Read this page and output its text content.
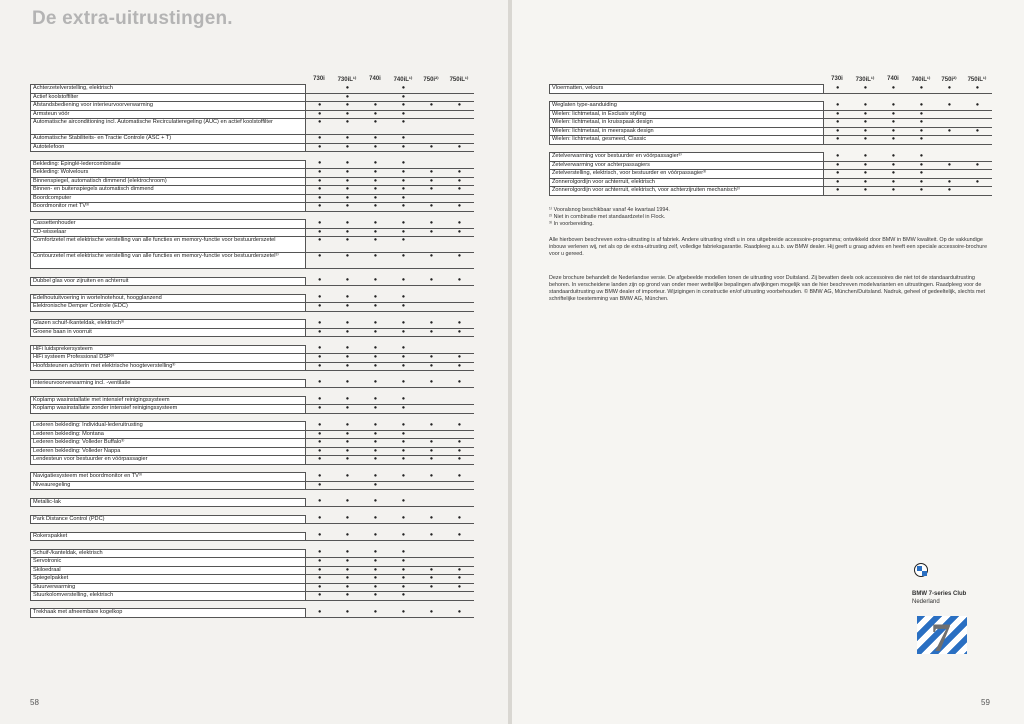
De extra-uitrustingen.
730i 730iL¹⁾ 740i 740iL¹⁾ 750i²⁾ 750iL¹⁾
Achterzetelverstelling, elektrisch		●		●		
Actief koolstoffilter		●		●		
Afstandsbediening voor interieurvoorverwarming	●	●	●	●	●	●
Armsteun vóór	●	●	●	●		
Automatische airconditioning incl. Automatische Recirculatieregeling (AUC) en actief koolstoffilter	●	●	●	●		
Automatische Stabiliteits- en Tractie Controle (ASC + T)	●	●	●	●		
Autotelefoon	●	●	●	●	●	●

Bekleding: Epinglé-ledercombinatie	●	●	●	●		
Bekleding: Wolvelours	●	●	●	●	●	●
Binnenspiegel, automatisch dimmend (elektrochroom)	●	●	●	●	●	●
Binnen- en buitenspiegels automatisch dimmend	●	●	●	●	●	●
Boordcomputer	●	●	●	●		
Boordmonitor met TV³⁾	●	●	●	●	●	●

Cassettenhouder	●	●	●	●	●	●
CD-wisselaar	●	●	●	●	●	●
Comfortzetel met elektrische verstelling van alle functies en memory-functie voor bestuurderszetel	●	●	●	●		
Contourzetel met elektrische verstelling van alle functies en memory-functie voor bestuurderszetel³⁾	●	●	●	●	●	●

Dubbel glas voor zijruiten en achterruit	●	●	●	●	●	●

Edelhoutuitvoering in wortelnotehout, hoogglanzend	●	●	●	●		
Elektronische Demper Controle (EDC)	●	●	●	●		

Glazen schuif-/kanteldak, elektrisch³⁾	●	●	●	●	●	●
Groene baan in voorruit	●	●	●	●	●	●

HiFi luidsprekersysteem	●	●	●	●		
HiFi systeem Professional DSP³⁾	●	●	●	●	●	●
Hoofdsteunen achterin met elektrische hoogteverstelling³⁾	●	●	●	●	●	●

Interieurvoorverwarming incl. -ventilatie	●	●	●	●	●	●

Koplamp wasinstallatie met intensief reinigingssysteem	●	●	●	●		
Koplamp wasinstallatie zonder intensief reinigingssysteem	●	●	●	●		

Lederen bekleding: Individual-lederuitrusting	●	●	●	●	●	●
Lederen bekleding: Montana	●	●	●	●		
Lederen bekleding: Volleder Buffalo³⁾	●	●	●	●	●	●
Lederen bekleding: Volleder Nappa	●	●	●	●	●	●
Lendesteun voor bestuurder en vóórpassagier	●	●	●	●	●	●

Navigatiesysteem met boordmonitor en TV³⁾	●	●	●	●	●	●
Niveauregeling	●		●			

Metallic-lak	●	●	●	●		

Park Distance Control (PDC)	●	●	●	●	●	●

Rokerspakket	●	●	●	●	●	●

Schuif-/kanteldak, elektrisch	●	●	●	●		
Servotronic	●	●	●	●		
Skiloedraal	●	●	●	●	●	●
Spiegelpakket	●	●	●	●	●	●
Stuurverwarming	●	●	●	●	●	●
Stuurkolomverstelling, elektrisch	●	●	●	●		

Trekhaak met afneembare kogelkop	●	●	●	●	●	●
58
730i 730iL¹⁾ 740i 740iL¹⁾ 750i²⁾ 750iL¹⁾
Vloermatten, velours	●	●	●	●	●	●

Weglaten type-aanduiding	●	●	●	●	●	●
Wielen: lichtmetaal, in Exclusiv styling	●	●	●	●		
Wielen: lichtmetaal, in kruisspaak design	●	●	●	●		
Wielen: lichtmetaal, in meerspaak design	●	●	●	●	●	●
Wielen: lichtmetaal, gesmeed, Classic	●	●	●	●		

Zetelverwarming voor bestuurder en vóórpassagier³⁾	●	●	●	●		
Zetelverwarming voor achterpassagiers	●	●	●	●	●	●
Zetelverstelling, elektrisch, voor bestuurder en vóórpassagier³⁾	●	●	●	●		
Zonnerolgordijn voor achterruit, elektrisch	●	●	●	●	●	●
Zonnerolgordijn voor achterruit, elektrisch, voor achterzijruiten mechanisch³⁾	●	●	●	●	●	
¹⁾ Vooralsnog beschikbaar vanaf 4e kwartaal 1994.
²⁾ Niet in combinatie met standaardzetel in Flock.
³⁾ In voorbereiding.
Alle hierboven beschreven extra-uitrusting is af fabriek. Andere uitrusting vindt u in ons uitgebreide accessoire-programma; ontwikkeld door BMW in BMW kwaliteit. Op de vakkundige inbouw verlenen wij, net als op de extra-uitrusting zelf, volledige fabrieksgarantie. Raadpleeg a.u.b. uw BMW dealer. Hij geeft u graag advies en heeft een speciale accessoire-brochure voor u gereed.
Deze brochure behandelt de Nederlandse versie. De afgebeelde modellen tonen de uitrusting voor Duitsland. Zij bevatten deels ook accessoires die niet tot de standaarduitrusting behoren. In verscheidene landen zijn op grond van onder meer wettelijke bepalingen afwijkingen mogelijk van de hier beschreven modelvarianten en uitrustingen. Raadpleeg voor de standaarduitrusting uw BMW dealer of importeur. Wijzigingen in constructie en/of uitrusting voorbehouden. © BMW AG, München/Duitsland. Nadruk, geheel of gedeeltelijk, slechts met schriftelijke toestemming van BMW AG, München.
BMW 7-series Club
Nederland
7
59
